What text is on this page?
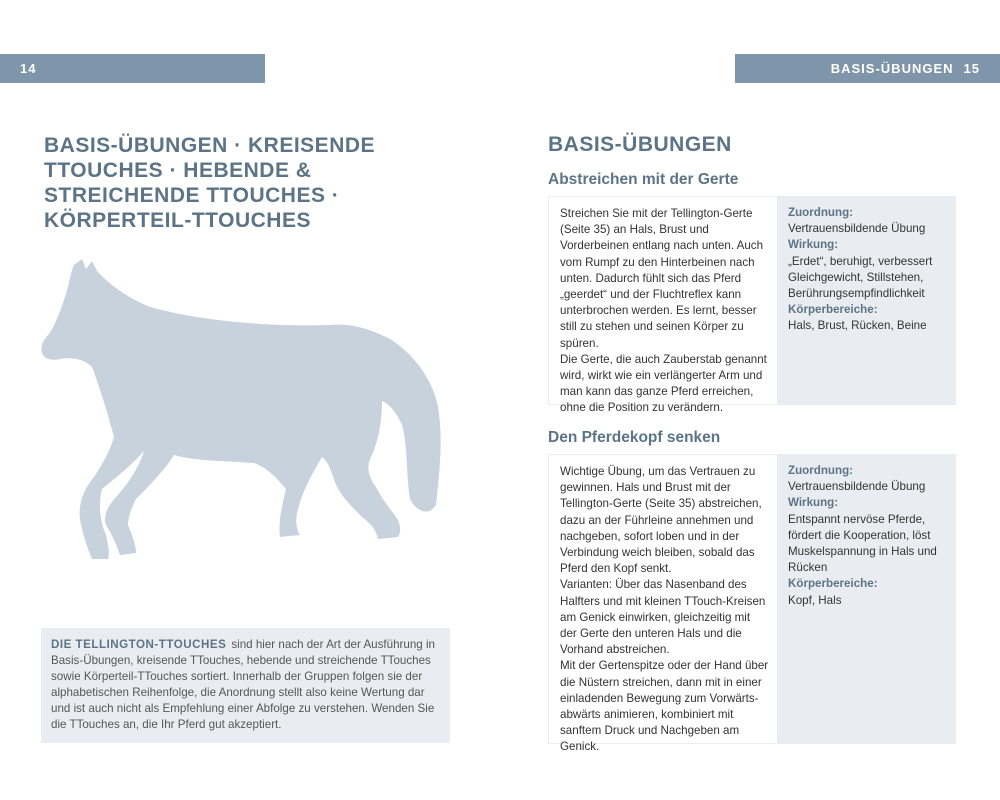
14	BASIS-ÜBUNGEN 15
BASIS-ÜBUNGEN · KREISENDE TTOUCHES · HEBENDE & STREICHENDE TTOUCHES · KÖRPERTEIL-TTOUCHES
DIE TELLINGTON-TTOUCHES sind hier nach der Art der Ausführung in Basis-Übungen, kreisende TTouches, hebende und streichende TTouches sowie Körperteil-TTouches sortiert. Innerhalb der Gruppen folgen sie der alphabetischen Reihenfolge, die Anordnung stellt also keine Wertung dar und ist auch nicht als Empfehlung einer Abfolge zu verstehen. Wenden Sie die TTouches an, die Ihr Pferd gut akzeptiert.
BASIS-ÜBUNGEN
Abstreichen mit der Gerte

Streichen Sie mit der Tellington-Gerte (Seite 35) an Hals, Brust und Vorderbeinen entlang nach unten. Auch vom Rumpf zu den Hinterbeinen nach unten. Dadurch fühlt sich das Pferd „geerdet“ und der Fluchtreflex kann unterbrochen werden. Es lernt, besser still zu stehen und seinen Körper zu spüren.

Die Gerte, die auch Zauberstab genannt wird, wirkt wie ein verlängerter Arm und man kann das ganze Pferd erreichen, ohne die Position zu verändern.

Zuordnung:
Vertrauensbildende Übung
Wirkung:
„Erdet“, beruhigt, verbessert Gleichgewicht, Stillstehen, Berührungsempfindlichkeit
Körperbereiche:
Hals, Brust, Rücken, Beine
Den Pferdekopf senken

Wichtige Übung, um das Vertrauen zu gewinnen. Hals und Brust mit der Tellington-Gerte (Seite 35) abstreichen, dazu an der Führleine annehmen und nachgeben, sofort loben und in der Verbindung weich bleiben, sobald das Pferd den Kopf senkt.

Varianten: Über das Nasenband des Halfters und mit kleinen TTouch-Kreisen am Genick einwirken, gleichzeitig mit der Gerte den unteren Hals und die Vorhand abstreichen.

Mit der Gertenspitze oder der Hand über die Nüstern streichen, dann mit in einer einladenden Bewegung zum Vorwärts-abwärts animieren, kombiniert mit sanftem Druck und Nachgeben am Genick.

Zuordnung:
Vertrauensbildende Übung
Wirkung:
Entspannt nervöse Pferde, fördert die Kooperation, löst Muskelspannung in Hals und Rücken
Körperbereiche:
Kopf, Hals
